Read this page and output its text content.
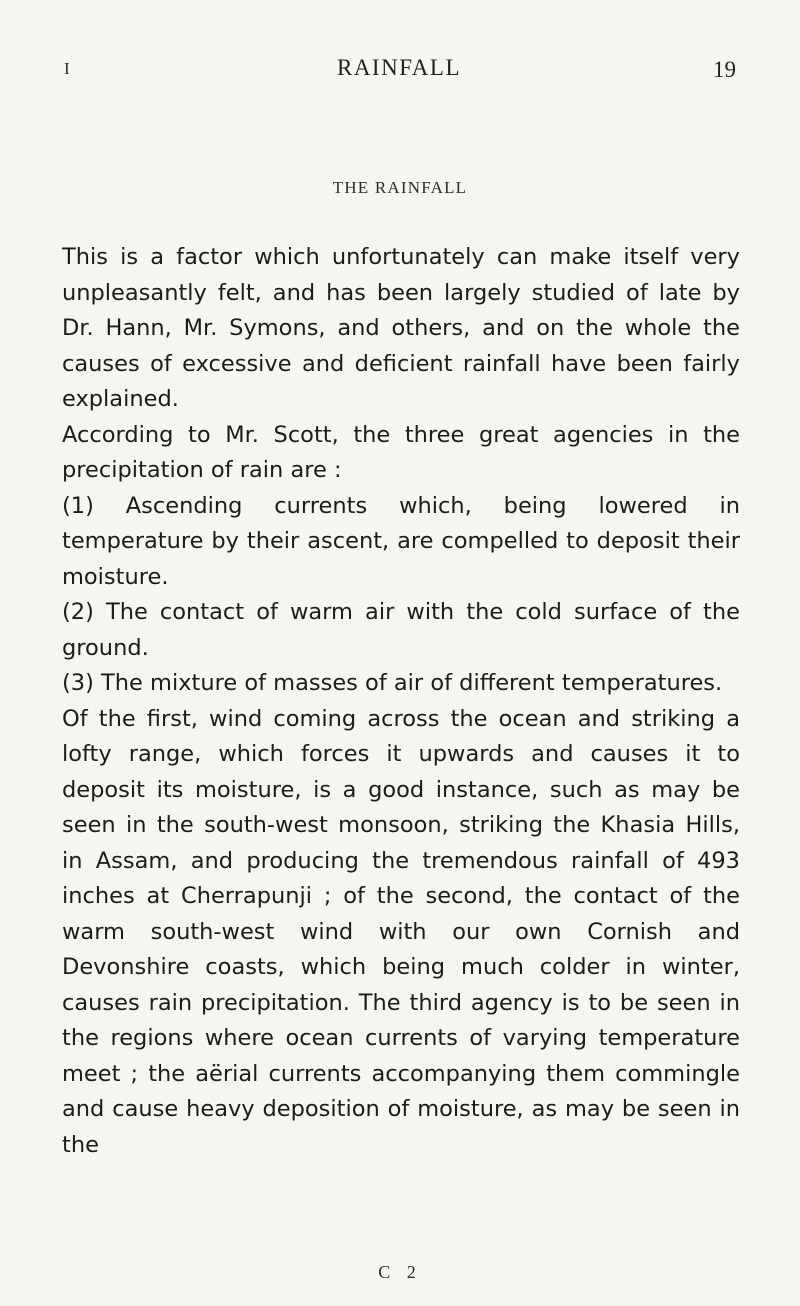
I	RAINFALL	19
THE RAINFALL

This is a factor which unfortunately can make itself very unpleasantly felt, and has been largely studied of late by Dr. Hann, Mr. Symons, and others, and on the whole the causes of excessive and deficient rainfall have been fairly explained.

According to Mr. Scott, the three great agencies in the precipitation of rain are :

(1) Ascending currents which, being lowered in temperature by their ascent, are compelled to deposit their moisture.

(2) The contact of warm air with the cold surface of the ground.

(3) The mixture of masses of air of different temperatures.

Of the first, wind coming across the ocean and striking a lofty range, which forces it upwards and causes it to deposit its moisture, is a good instance, such as may be seen in the south-west monsoon, striking the Khasia Hills, in Assam, and producing the tremendous rainfall of 493 inches at Cherrapunji ; of the second, the contact of the warm south-west wind with our own Cornish and Devonshire coasts, which being much colder in winter, causes rain precipitation. The third agency is to be seen in the regions where ocean currents of varying temperature meet ; the aërial currents accompanying them commingle and cause heavy deposition of moisture, as may be seen in the

C 2
